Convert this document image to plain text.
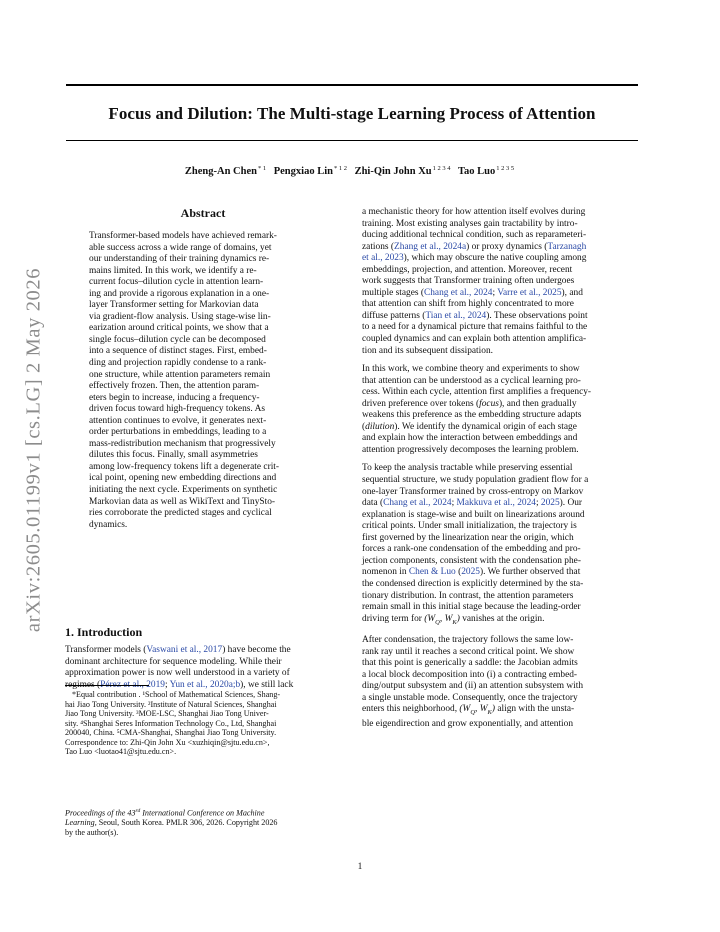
Focus and Dilution: The Multi-stage Learning Process of Attention
Zheng-An Chen$^{* 1}$ Pengxiao Lin$^{* 1 2}$ Zhi-Qin John $Xu^{1 2 3 4}$ Tao Luo$^{1 2 3 5}$
arXiv:2605.01199v1 [cs.LG] 2 May 2026
Abstract
Transformer-based models have achieved remark-
able success across a wide range of domains, yet
our understanding of their training dynamics re-
mains limited. In this work, we identify a re-
current focus–dilution cycle in attention learn-
ing and provide a rigorous explanation in a one-
layer Transformer setting for Markovian data
via gradient-flow analysis. Using stage-wise lin-
earization around critical points, we show that a
single focus–dilution cycle can be decomposed
into a sequence of distinct stages. First, embed-
ding and projection rapidly condense to a rank-
one structure, while attention parameters remain
effectively frozen. Then, the attention param-
eters begin to increase, inducing a frequency-
driven focus toward high-frequency tokens. As
attention continues to evolve, it generates next-
order perturbations in embeddings, leading to a
mass-redistribution mechanism that progressively
dilutes this focus. Finally, small asymmetries
among low-frequency tokens lift a degenerate crit-
ical point, opening new embedding directions and
initiating the next cycle. Experiments on synthetic
Markovian data as well as WikiText and TinySto-
ries corroborate the predicted stages and cyclical
dynamics.
1. Introduction
Transformer models (Vaswani et al., 2017) have become the
dominant architecture for sequence modeling. While their
approximation power is now well understood in a variety of
regimes (Pérez et al., 2019; Yun et al., 2020a;b), we still lack
*Equal contribution . ¹School of Mathematical Sciences, Shang-
hai Jiao Tong University. ²Institute of Natural Sciences, Shanghai
Jiao Tong University. ³MOE-LSC, Shanghai Jiao Tong Univer-
sity. ⁴Shanghai Seres Information Technology Co., Ltd, Shanghai
200040, China. ⁵CMA-Shanghai, Shanghai Jiao Tong University.
Correspondence to: Zhi-Qin John Xu <xuzhiqin@sjtu.edu.cn>,
Tao Luo <luotao41@sjtu.edu.cn>.
Proceedings of the 43rd International Conference on Machine
Learning, Seoul, South Korea. PMLR 306, 2026. Copyright 2026
by the author(s).

a mechanistic theory for how attention itself evolves during
training. Most existing analyses gain tractability by intro-
ducing additional technical condition, such as reparameteri-
zations (Zhang et al., 2024a) or proxy dynamics (Tarzanagh
et al., 2023), which may obscure the native coupling among
embeddings, projection, and attention. Moreover, recent
work suggests that Transformer training often undergoes
multiple stages (Chang et al., 2024; Varre et al., 2025), and
that attention can shift from highly concentrated to more
diffuse patterns (Tian et al., 2024). These observations point
to a need for a dynamical picture that remains faithful to the
coupled dynamics and can explain both attention amplifica-
tion and its subsequent dissipation.

In this work, we combine theory and experiments to show
that attention can be understood as a cyclical learning pro-
cess. Within each cycle, attention first amplifies a frequency-
driven preference over tokens (focus), and then gradually
weakens this preference as the embedding structure adapts
(dilution). We identify the dynamical origin of each stage
and explain how the interaction between embeddings and
attention progressively decomposes the learning problem.

To keep the analysis tractable while preserving essential
sequential structure, we study population gradient flow for a
one-layer Transformer trained by cross-entropy on Markov
data (Chang et al., 2024; Makkuva et al., 2024; 2025). Our
explanation is stage-wise and built on linearizations around
critical points. Under small initialization, the trajectory is
first governed by the linearization near the origin, which
forces a rank-one condensation of the embedding and pro-
jection components, consistent with the condensation phe-
nomenon in Chen & Luo (2025). We further observed that
the condensed direction is explicitly determined by the sta-
tionary distribution. In contrast, the attention parameters
remain small in this initial stage because the leading-order
driving term for ($W_Q$, $W_K$) vanishes at the origin.

After condensation, the trajectory follows the same low-
rank ray until it reaches a second critical point. We show
that this point is generically a saddle: the Jacobian admits
a local block decomposition into (i) a contracting embed-
ding/output subsystem and (ii) an attention subsystem with
a single unstable mode. Consequently, once the trajectory
enters this neighborhood, ($W_Q$, $W_K$) align with the unsta-
ble eigendirection and grow exponentially, and attention

1
